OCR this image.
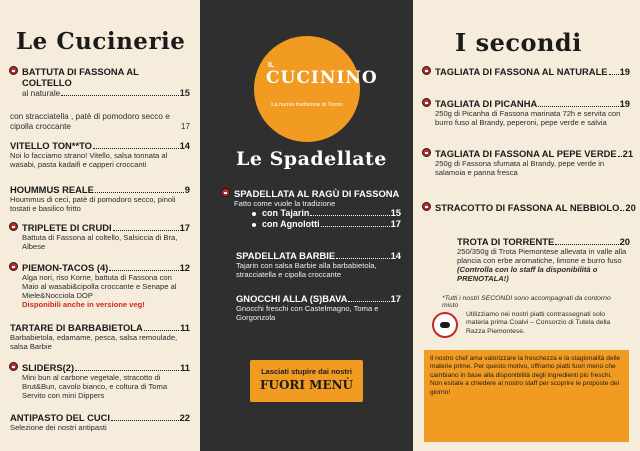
Le Cucinerie
BATTUTA DI FASSONA AL COLTELLO
al naturale	15
con stracciatella , patè di pomodoro secco e cipolla croccante	17
VITELLO TON**TO	14
Noi lo facciamo strano! Vitello, salsa tonnata al wasabi, pasta kadaifi e capperi croccanti
HOUMMUS REALE	9
Hoummus di ceci, patè di pomodoro secco, pinoli tostati e basilico fritto
TRIPLETE DI CRUDI	17
Battuta di Fassona al coltello, Salsiccia di Bra, Albese
PIEMON-TACOS (4)	12
Alga nori, riso Korne, battuta di Fassona con Maio al wasabi&cipolla croccante e Senape al Miele&Nocciola DOP
Disponibili anche in versione veg!
TARTARE DI BARBABIETOLA	11
Barbabietola, edamame, pesca, salsa remoulade, salsa Barbie
SLIDERS(2)	11
Mini bun al carbone vegetale, stracotto di Brut&Bun, cavolo bianco, e coltura di Toma Servito con mini Dippers
ANTIPASTO DEL CUCI	22
Selezione dei nostri antipasti
IL
CUCININO
La nuova tradizione di Torino
Le Spadellate
SPADELLATA AL RAGÙ DI FASSONA
Fatto come vuole la tradizione
con Tajarin	15
con Agnolotti	17
SPADELLATA BARBIE	14
Tajarin con salsa Barbie alla barbabietola, stracciatella e cipolla croccante
GNOCCHI ALLA (S)BAVA	17
Gnocchi freschi con Castelmagno, Toma e Gorgonzola
Lasciati stupire dai nostri
FUORI MENÙ
I secondi
TAGLIATA DI FASSONA AL NATURALE 19
TAGLIATA DI PICANHA	19
250g di Picanha di Fassona marinata 72h e servita con burro fuso al Brandy, peperoni, pepe verde e salvia
TAGLIATA DI FASSONA AL PEPE VERDE 21
250g di Fassona sfumata al Brandy, pepe verde in salamoia e panna fresca
STRACOTTO DI FASSONA AL NEBBIOLO 20
TROTA DI TORRENTE	20
250/350g di Trota Piemontese allevata in valle alla plancia con erbe aromatiche, limone e burro fuso
(Controlla con lo staff la disponibilità o PRENOTALA!)
*Tutti i nostri SECONDI sono accompagnati da contorno misto
Utilizziamo nei nostri piatti contrassegnati solo materia prima Coalvi – Consorzio di Tutela della Razza Piemontese.
Il nostro chef ama valorizzare la freschezza e la stagionalità delle materie prime. Per questo motivo, offriamo piatti fuori menù che cambiano in base alla disponibilità degli ingredienti più freschi. Non esitate a chiedere al nostro staff per scoprire le proposte del giorno!
